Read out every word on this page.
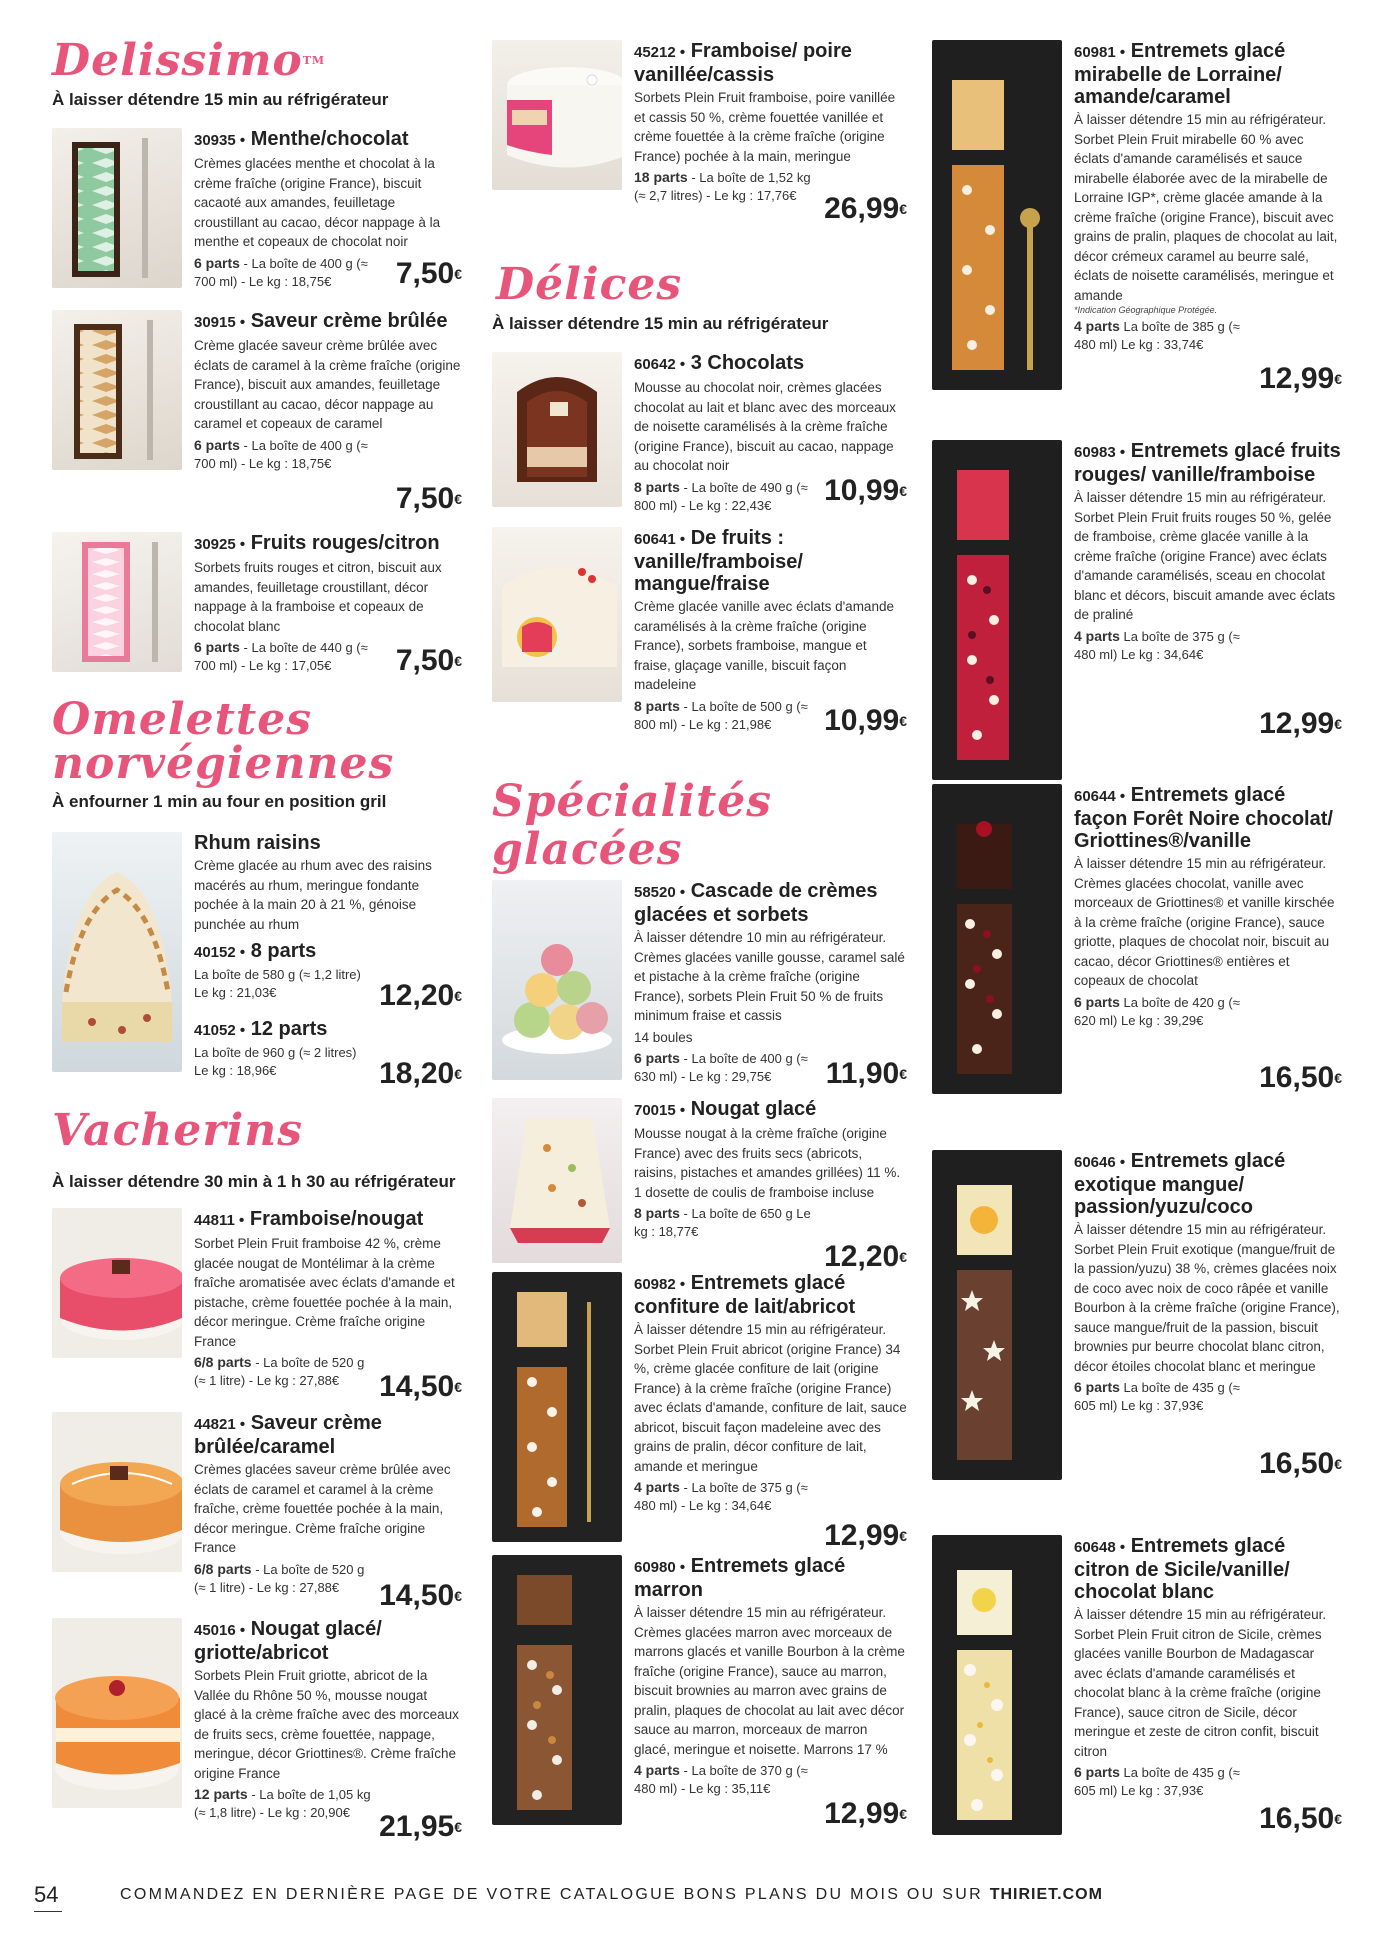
Delissimo™
À laisser détendre 15 min au réfrigérateur
30935 • Menthe/chocolat
Crèmes glacées menthe et chocolat à la crème fraîche (origine France), biscuit cacaoté aux amandes, feuilletage croustillant au cacao, décor nappage à la menthe et copeaux de chocolat noir
6 parts - La boîte de 400 g (≈ 700 ml) - Le kg : 18,75€	7,50€
30915 • Saveur crème brûlée
Crème glacée saveur crème brûlée avec éclats de caramel à la crème fraîche (origine France), biscuit aux amandes, feuilletage croustillant au cacao, décor nappage au caramel et copeaux de caramel
6 parts - La boîte de 400 g (≈ 700 ml) - Le kg : 18,75€
7,50€
30925 • Fruits rouges/citron
Sorbets fruits rouges et citron, biscuit aux amandes, feuilletage croustillant, décor nappage à la framboise et copeaux de chocolat blanc
6 parts - La boîte de 440 g (≈ 700 ml) - Le kg : 17,05€	7,50€
Omelettes
norvégiennes
À enfourner 1 min au four en position gril
Rhum raisins
Crème glacée au rhum avec des raisins macérés au rhum, meringue fondante pochée à la main 20 à 21 %, génoise punchée au rhum
40152 • 8 parts
La boîte de 580 g (≈ 1,2 litre) Le kg : 21,03€	12,20€
41052 • 12 parts
La boîte de 960 g (≈ 2 litres) Le kg : 18,96€	18,20€
Vacherins
À laisser détendre 30 min à 1 h 30 au réfrigérateur
44811 • Framboise/nougat
Sorbet Plein Fruit framboise 42 %, crème glacée nougat de Montélimar à la crème fraîche aromatisée avec éclats d'amande et pistache, crème fouettée pochée à la main, décor meringue. Crème fraîche origine France
6/8 parts - La boîte de 520 g (≈ 1 litre) - Le kg : 27,88€	14,50€
44821 • Saveur crème brûlée/caramel
Crèmes glacées saveur crème brûlée avec éclats de caramel et caramel à la crème fraîche, crème fouettée pochée à la main, décor meringue. Crème fraîche origine France
6/8 parts - La boîte de 520 g (≈ 1 litre) - Le kg : 27,88€	14,50€
45016 • Nougat glacé/ griotte/abricot
Sorbets Plein Fruit griotte, abricot de la Vallée du Rhône 50 %, mousse nougat glacé à la crème fraîche avec des morceaux de fruits secs, crème fouettée, nappage, meringue, décor Griottines®. Crème fraîche origine France
12 parts - La boîte de 1,05 kg (≈ 1,8 litre) - Le kg : 20,90€ 21,95€
45212 • Framboise/ poire vanillée/cassis
Sorbets Plein Fruit framboise, poire vanillée et cassis 50 %, crème fouettée vanillée et crème fouettée à la crème fraîche (origine France) pochée à la main, meringue
18 parts - La boîte de 1,52 kg (≈ 2,7 litres) - Le kg : 17,76€ 26,99€
Délices
À laisser détendre 15 min au réfrigérateur
60642 • 3 Chocolats
Mousse au chocolat noir, crèmes glacées chocolat au lait et blanc avec des morceaux de noisette caramélisés à la crème fraîche (origine France), biscuit au cacao, nappage au chocolat noir
8 parts - La boîte de 490 g (≈ 800 ml) - Le kg : 22,43€	10,99€
60641 • De fruits : vanille/framboise/ mangue/fraise
Crème glacée vanille avec éclats d'amande caramélisés à la crème fraîche (origine France), sorbets framboise, mangue et fraise, glaçage vanille, biscuit façon madeleine
8 parts - La boîte de 500 g (≈ 800 ml) - Le kg : 21,98€	10,99€
Spécialités
glacées
58520 • Cascade de crèmes glacées et sorbets
À laisser détendre 10 min au réfrigérateur. Crèmes glacées vanille gousse, caramel salé et pistache à la crème fraîche (origine France), sorbets Plein Fruit 50 % de fruits minimum fraise et cassis
14 boules
6 parts - La boîte de 400 g (≈ 630 ml) - Le kg : 29,75€	11,90€
70015 • Nougat glacé
Mousse nougat à la crème fraîche (origine France) avec des fruits secs (abricots, raisins, pistaches et amandes grillées) 11 %. 1 dosette de coulis de framboise incluse
8 parts - La boîte de 650 g Le kg : 18,77€
12,20€
60982 • Entremets glacé confiture de lait/abricot
À laisser détendre 15 min au réfrigérateur. Sorbet Plein Fruit abricot (origine France) 34 %, crème glacée confiture de lait (origine France) à la crème fraîche (origine France) avec éclats d'amande, confiture de lait, sauce abricot, biscuit façon madeleine avec des grains de pralin, décor confiture de lait, amande et meringue
4 parts - La boîte de 375 g (≈ 480 ml) - Le kg : 34,64€
12,99€
60980 • Entremets glacé marron
À laisser détendre 15 min au réfrigérateur. Crèmes glacées marron avec morceaux de marrons glacés et vanille Bourbon à la crème fraîche (origine France), sauce au marron, biscuit brownies au marron avec grains de pralin, plaques de chocolat au lait avec décor sauce au marron, morceaux de marron glacé, meringue et noisette. Marrons 17 %
4 parts - La boîte de 370 g (≈ 480 ml) - Le kg : 35,11€
12,99€
60981 • Entremets glacé mirabelle de Lorraine/ amande/caramel
À laisser détendre 15 min au réfrigérateur. Sorbet Plein Fruit mirabelle 60 % avec éclats d'amande caramélisés et sauce mirabelle élaborée avec de la mirabelle de Lorraine IGP*, crème glacée amande à la crème fraîche (origine France), biscuit avec grains de pralin, plaques de chocolat au lait, décor crémeux caramel au beurre salé, éclats de noisette caramélisés, meringue et amande
*Indication Géographique Protégée.
4 parts La boîte de 385 g (≈ 480 ml) Le kg : 33,74€
12,99€
60983 • Entremets glacé fruits rouges/ vanille/framboise
À laisser détendre 15 min au réfrigérateur. Sorbet Plein Fruit fruits rouges 50 %, gelée de framboise, crème glacée vanille à la crème fraîche (origine France) avec éclats d'amande caramélisés, sceau en chocolat blanc et décors, biscuit amande avec éclats de praliné
4 parts La boîte de 375 g (≈ 480 ml) Le kg : 34,64€
12,99€
60644 • Entremets glacé façon Forêt Noire chocolat/ Griottines®/vanille
À laisser détendre 15 min au réfrigérateur. Crèmes glacées chocolat, vanille avec morceaux de Griottines® et vanille kirschée à la crème fraîche (origine France), sauce griotte, plaques de chocolat noir, biscuit au cacao, décor Griottines® entières et copeaux de chocolat
6 parts La boîte de 420 g (≈ 620 ml) Le kg : 39,29€
16,50€
60646 • Entremets glacé exotique mangue/ passion/yuzu/coco
À laisser détendre 15 min au réfrigérateur. Sorbet Plein Fruit exotique (mangue/fruit de la passion/yuzu) 38 %, crèmes glacées noix de coco avec noix de coco râpée et vanille Bourbon à la crème fraîche (origine France), sauce mangue/fruit de la passion, biscuit brownies pur beurre chocolat blanc citron, décor étoiles chocolat blanc et meringue
6 parts La boîte de 435 g (≈ 605 ml) Le kg : 37,93€
16,50€
60648 • Entremets glacé citron de Sicile/vanille/ chocolat blanc
À laisser détendre 15 min au réfrigérateur. Sorbet Plein Fruit citron de Sicile, crèmes glacées vanille Bourbon de Madagascar avec éclats d'amande caramélisés et chocolat blanc à la crème fraîche (origine France), sauce citron de Sicile, décor meringue et zeste de citron confit, biscuit citron
6 parts La boîte de 435 g (≈ 605 ml) Le kg : 37,93€
16,50€
54	COMMANDEZ EN DERNIÈRE PAGE DE VOTRE CATALOGUE BONS PLANS DU MOIS OU SUR THIRIET.COM
